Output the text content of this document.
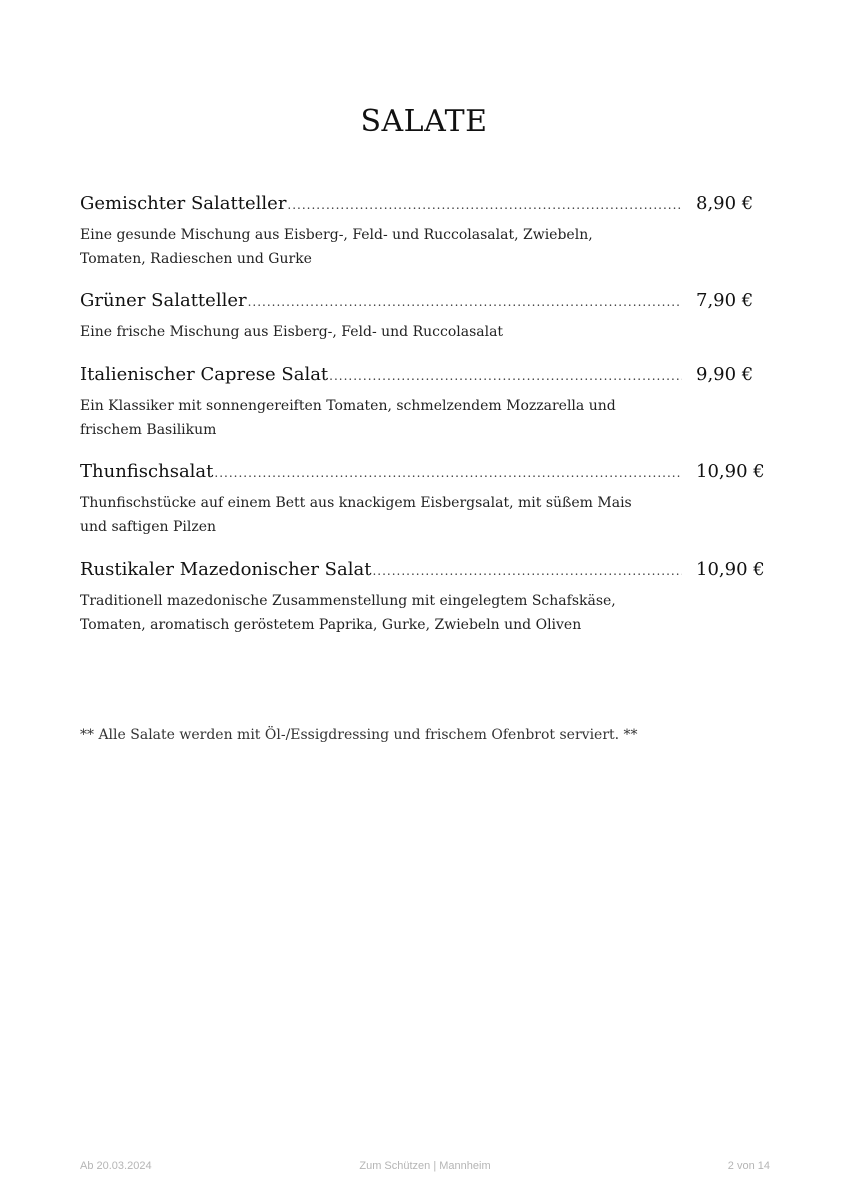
SALATE
Gemischter Salatteller .....	8,90 €
Eine gesunde Mischung aus Eisberg-, Feld- und Ruccolasalat, Zwiebeln, Tomaten, Radieschen und Gurke
Grüner Salatteller .....	7,90 €
Eine frische Mischung aus Eisberg-, Feld- und Ruccolasalat
Italienischer Caprese Salat .....	9,90 €
Ein Klassiker mit sonnengereiften Tomaten, schmelzendem Mozzarella und frischem Basilikum
Thunfischsalat .....	10,90 €
Thunfischstücke auf einem Bett aus knackigem Eisbergsalat, mit süßem Mais und saftigen Pilzen
Rustikaler Mazedonischer Salat .....	10,90 €
Traditionell mazedonische Zusammenstellung mit eingelegtem Schafskäse, Tomaten, aromatisch geröstetem Paprika, Gurke, Zwiebeln und Oliven
** Alle Salate werden mit Öl-/Essigdressing und frischem Ofenbrot serviert. **
Ab 20.03.2024	Zum Schützen | Mannheim	2 von 14
